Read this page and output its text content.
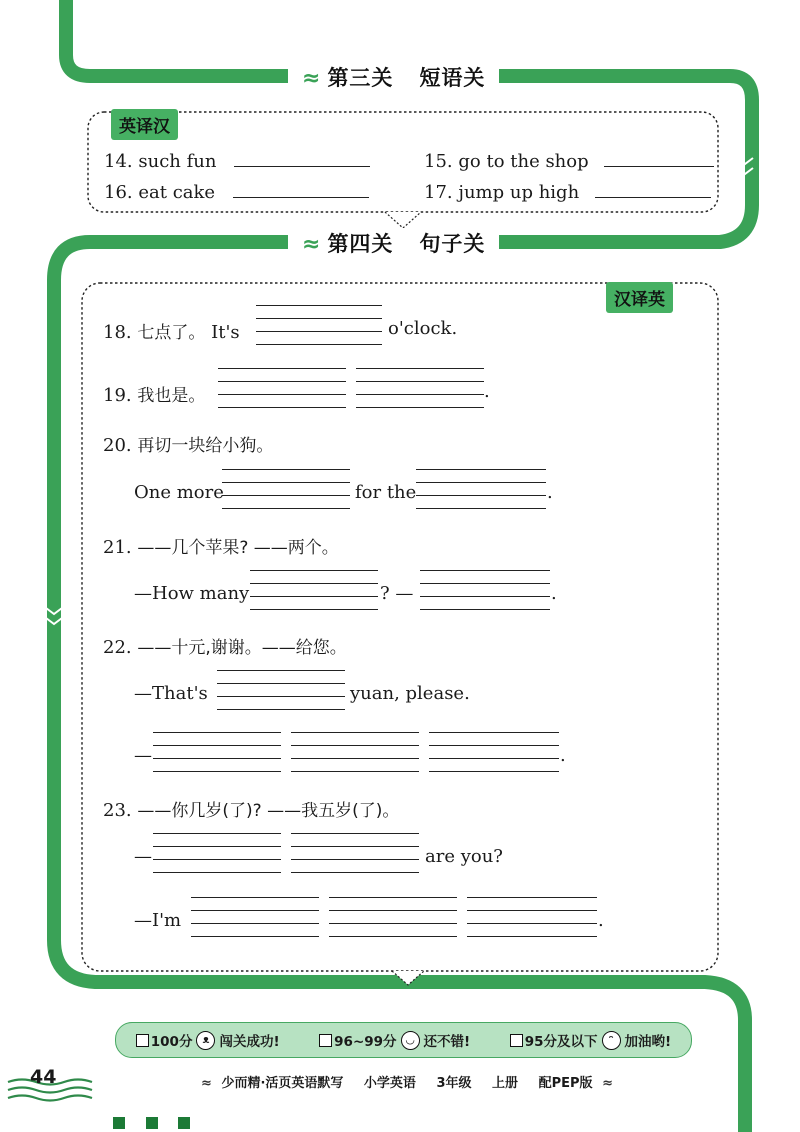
≈ 第三关 短语关
英译汉
14. such fun	15. go to the shop
16. eat cake	17. jump up high
≈ 第四关 句子关
汉译英
18. 七点了。 It's	o'clock.
19. 我也是。	.
20. 再切一块给小狗。
One more	for the	.
21. ——几个苹果? ——两个。
—How many	? —	.
22. ——十元,谢谢。——给您。
—That's	yuan, please.
—	.
23. ——你几岁(了)? ——我五岁(了)。
—	are you?
—I'm	.
100分 ᴥ 闯关成功!	96~99分 ◡ 还不错!	95分及以下 ᵔ 加油哟!
44	≈ 少而精·活页英语默写 小学英语 3年级 上册 配PEP版 ≈
